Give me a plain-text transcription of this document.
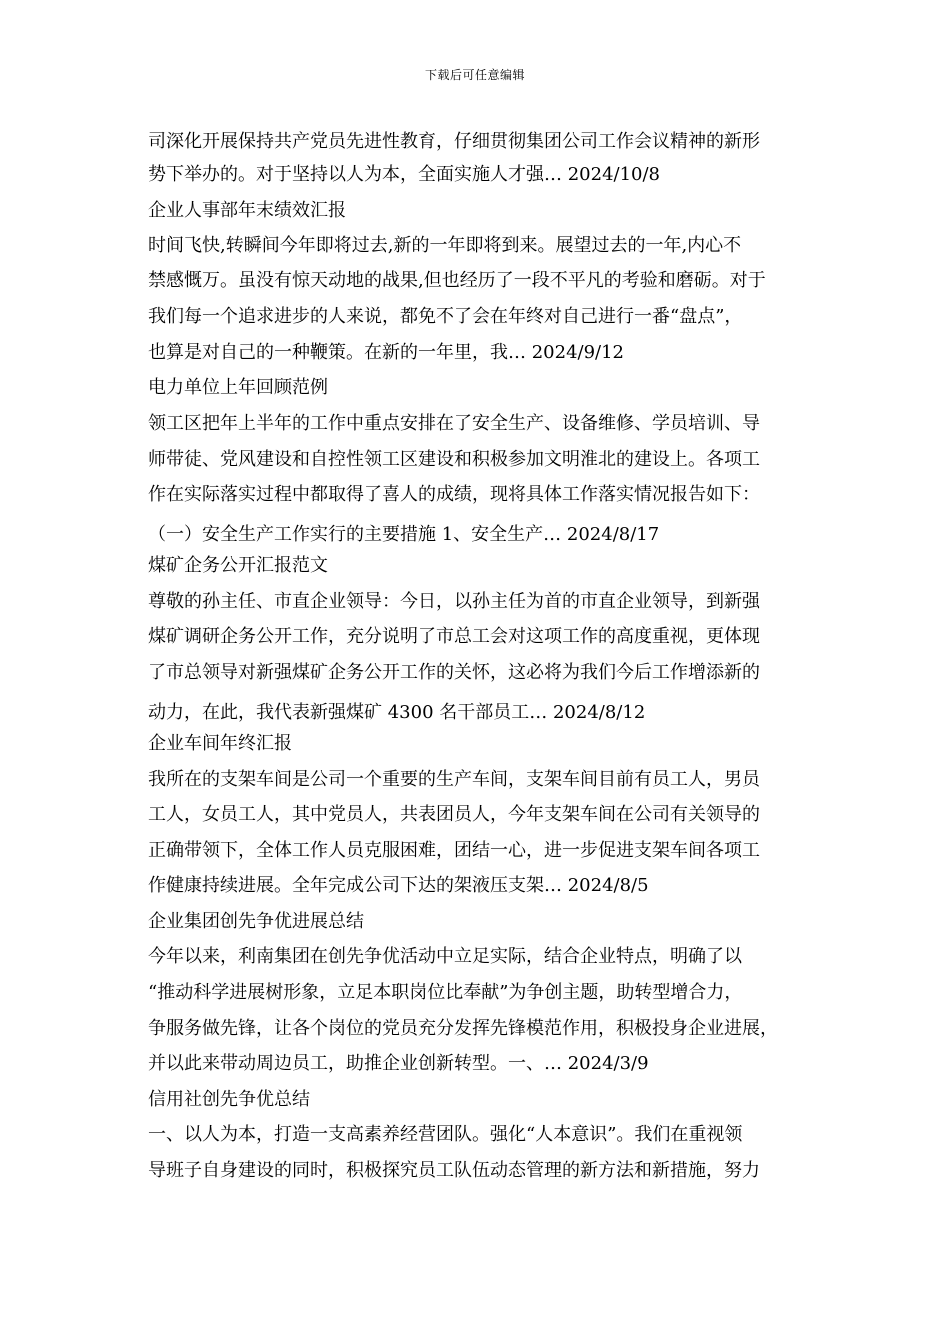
下载后可任意编辑
司深化开展保持共产党员先进性教育，仔细贯彻集团公司工作会议精神的新形
势下举办的。对于坚持以人为本，全面实施人才强… 2024/10/8
企业人事部年末绩效汇报
时间飞快,转瞬间今年即将过去,新的一年即将到来。展望过去的一年,内心不
禁感慨万。虽没有惊天动地的战果,但也经历了一段不平凡的考验和磨砺。对于
我们每一个追求进步的人来说，都免不了会在年终对自己进行一番“盘点”，
也算是对自己的一种鞭策。在新的一年里，我… 2024/9/12
电力单位上年回顾范例
领工区把年上半年的工作中重点安排在了安全生产、设备维修、学员培训、导
师带徒、党风建设和自控性领工区建设和积极参加文明淮北的建设上。各项工
作在实际落实过程中都取得了喜人的成绩，现将具体工作落实情况报告如下：
（一）安全生产工作实行的主要措施 1、安全生产… 2024/8/17
煤矿企务公开汇报范文
尊敬的孙主任、市直企业领导：今日，以孙主任为首的市直企业领导，到新强
煤矿调研企务公开工作，充分说明了市总工会对这项工作的高度重视，更体现
了市总领导对新强煤矿企务公开工作的关怀，这必将为我们今后工作增添新的
动力，在此，我代表新强煤矿 4300 名干部员工… 2024/8/12
企业车间年终汇报
我所在的支架车间是公司一个重要的生产车间，支架车间目前有员工人，男员
工人，女员工人，其中党员人，共表团员人，今年支架车间在公司有关领导的
正确带领下，全体工作人员克服困难，团结一心，进一步促进支架车间各项工
作健康持续进展。全年完成公司下达的架液压支架… 2024/8/5
企业集团创先争优进展总结
今年以来，利南集团在创先争优活动中立足实际，结合企业特点，明确了以
“推动科学进展树形象，立足本职岗位比奉献”为争创主题，助转型增合力，
争服务做先锋，让各个岗位的党员充分发挥先锋模范作用，积极投身企业进展，
并以此来带动周边员工，助推企业创新转型。一、… 2024/3/9
信用社创先争优总结
一、以人为本，打造一支高素养经营团队。强化“人本意识”。我们在重视领
导班子自身建设的同时，积极探究员工队伍动态管理的新方法和新措施，努力
